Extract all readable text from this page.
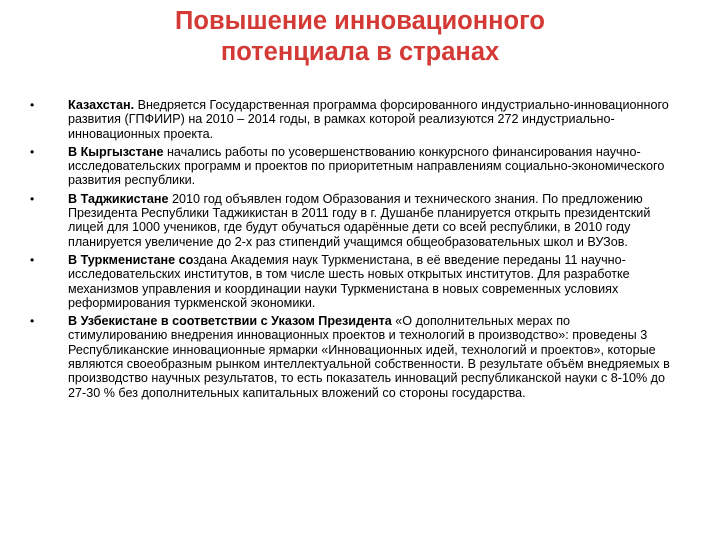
Повышение инновационного
потенциала в странах
•	Казахстан. Внедряется Государственная программа форсированного индустриально-инновационного развития (ГПФИИР) на 2010 – 2014 годы, в рамках которой реализуются 272 индустриально-инновационных проекта.
•	В Кыргызстане начались работы по усовершенствованию конкурсного финансирования научно-исследовательских программ и проектов по приоритетным направлениям социально-экономического развития республики.
•	В Таджикистане 2010 год объявлен годом Образования и технического знания. По предложению Президента Республики Таджикистан в 2011 году в г. Душанбе планируется открыть президентский лицей для 1000 учеников, где будут обучаться одарённые дети со всей республики, в 2010 году планируется увеличение до 2-х раз стипендий учащимся общеобразовательных школ и ВУЗов.
•	В Туркменистане создана Академия наук Туркменистана, в её введение переданы 11 научно-исследовательских институтов, в том числе шесть новых открытых институтов. Для разработке механизмов управления и координации науки Туркменистана в новых современных условиях реформирования туркменской экономики.
•	В Узбекистане в соответствии с Указом Президента «О дополнительных мерах по стимулированию внедрения инновационных проектов и технологий в производство»: проведены 3 Республиканские инновационные ярмарки «Инновационных идей, технологий и проектов», которые являются своеобразным рынком интеллектуальной собственности. В результате объём внедряемых в производство научных результатов, то есть показатель инноваций республиканской науки с 8-10% до 27-30 % без дополнительных капитальных вложений со стороны государства.
